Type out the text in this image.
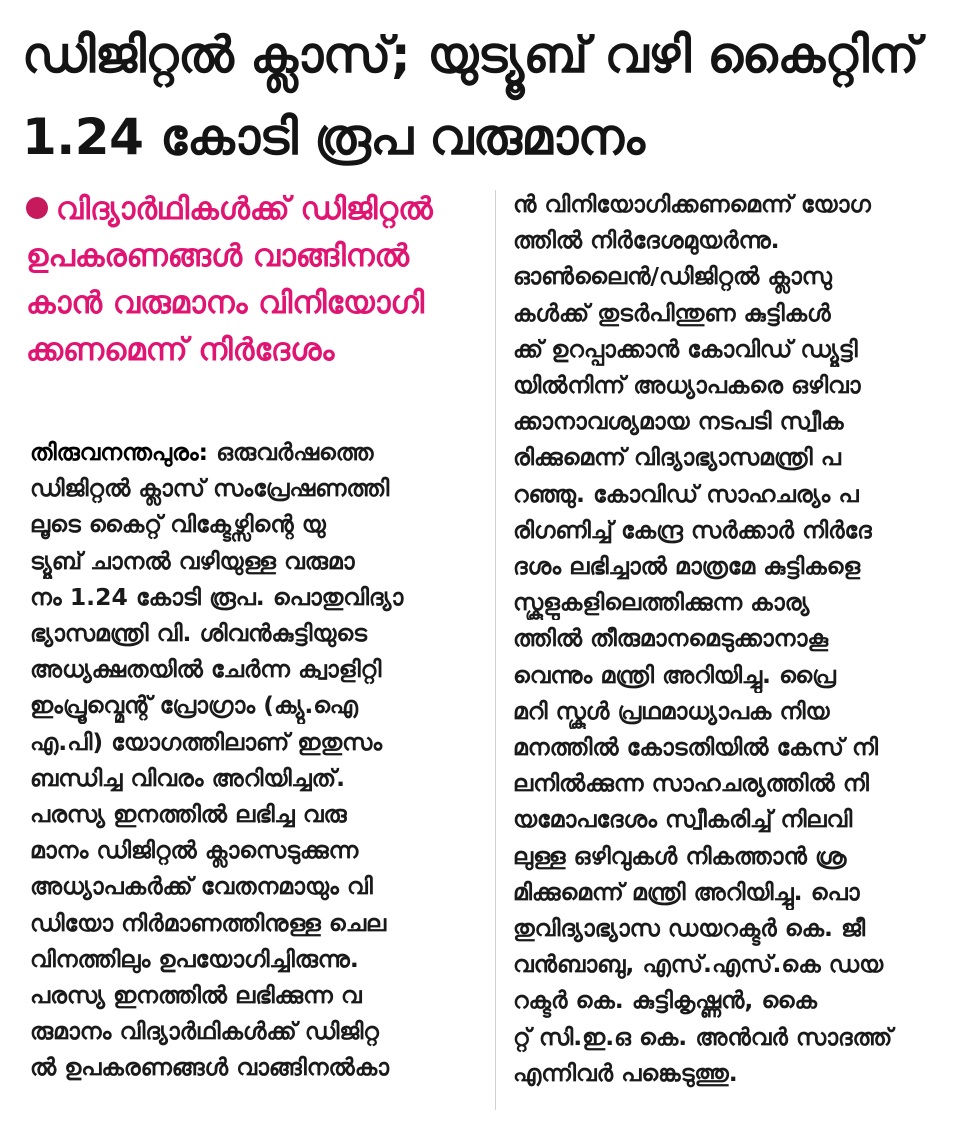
ഡിജിറ്റൽ ക്ലാസ്; യുട്യൂബ് വഴി കൈറ്റിന്
1.24 കോടി രൂപ വരുമാനം
വിദ്യാർഥികൾക്ക് ഡിജിറ്റൽ
ഉപകരണങ്ങൾ വാങ്ങിനൽ
കാൻ വരുമാനം വിനിയോഗി
ക്കണമെന്ന് നിർദേശം
തിരുവനന്തപുരം: ഒരുവർഷത്തെ
ഡിജിറ്റൽ ക്ലാസ് സംപ്രേഷണത്തി
ലൂടെ കൈറ്റ് വിക്ടേഴ്സിന്റെ യു
ട്യൂബ് ചാനൽ വഴിയുള്ള വരുമാ
നം 1.24 കോടി രൂപ. പൊതുവിദ്യാ
ഭ്യാസമന്ത്രി വി. ശിവൻകുട്ടിയുടെ
അധ്യക്ഷതയിൽ ചേർന്ന ക്വാളിറ്റി
ഇംപ്രൂവ്മെന്റ് പ്രോഗ്രാം (ക്യു.ഐ
എ.പി) യോഗത്തിലാണ് ഇതുസം
ബന്ധിച്ച വിവരം അറിയിച്ചത്.
പരസ്യ ഇനത്തിൽ ലഭിച്ച വരു
മാനം ഡിജിറ്റൽ ക്ലാസെടുക്കുന്ന
അധ്യാപകർക്ക് വേതനമായും വി
ഡിയോ നിർമാണത്തിനുള്ള ചെല
വിനത്തിലും ഉപയോഗിച്ചിരുന്നു.
പരസ്യ ഇനത്തിൽ ലഭിക്കുന്ന വ
രുമാനം വിദ്യാർഥികൾക്ക് ഡിജിറ്റ
ൽ ഉപകരണങ്ങൾ വാങ്ങിനൽകാ
ൻ വിനിയോഗിക്കണമെന്ന് യോഗ
ത്തിൽ നിർദേശമുയർന്നു.
ഓൺലൈൻ/ഡിജിറ്റൽ ക്ലാസു
കൾക്ക് തുടർപിന്തുണ കുട്ടികൾ
ക്ക് ഉറപ്പാക്കാൻ കോവിഡ് ഡ്യൂട്ടി
യിൽനിന്ന് അധ്യാപകരെ ഒഴിവാ
ക്കാനാവശ്യമായ നടപടി സ്വീക
രിക്കുമെന്ന് വിദ്യാഭ്യാസമന്ത്രി പ
റഞ്ഞു. കോവിഡ് സാഹചര്യം പ
രിഗണിച്ച് കേന്ദ്ര സർക്കാർ നിർദേ
ദശം ലഭിച്ചാൽ മാത്രമേ കുട്ടികളെ
സ്കൂളുകളിലെത്തിക്കുന്ന കാര്യ
ത്തിൽ തീരുമാനമെടുക്കാനാകൂ
വെന്നും മന്ത്രി അറിയിച്ചു. പ്രൈ
മറി സ്കൂൾ പ്രഥമാധ്യാപക നിയ
മനത്തിൽ കോടതിയിൽ കേസ് നി
ലനിൽക്കുന്ന സാഹചര്യത്തിൽ നി
യമോപദേശം സ്വീകരിച്ച് നിലവി
ലുള്ള ഒഴിവുകൾ നികത്താൻ ശ്ര
മിക്കുമെന്ന് മന്ത്രി അറിയിച്ചു. പൊ
തുവിദ്യാഭ്യാസ ഡയറക്ടർ കെ. ജീ
വൻബാബു, എസ്.എസ്.കെ ഡയ
റക്ടർ കെ. കുട്ടികൃഷ്ണൻ, കൈ
റ്റ് സി.ഇ.ഒ കെ. അൻവർ സാദത്ത്
എന്നിവർ പങ്കെടുത്തു.
